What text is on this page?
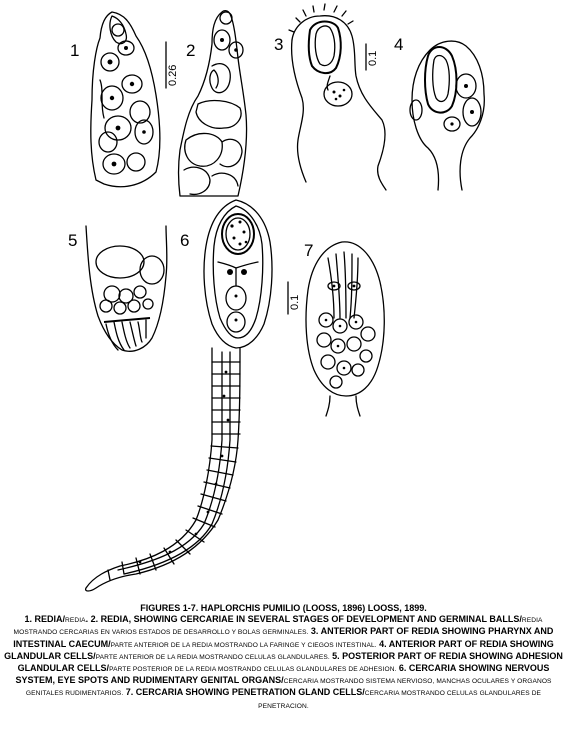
1
0.26
2	3
0.1
4
5	6
7
0.1
FIGURES 1-7. HAPLORCHIS PUMILIO (LOOSS, 1896) LOOSS, 1899.
1. REDIA/REDIA. 2. REDIA, SHOWING CERCARIAE IN SEVERAL STAGES OF DEVELOPMENT AND GERMINAL BALLS/REDIA MOSTRANDO CERCARIAS EN VARIOS ESTADOS DE DESARROLLO Y BOLAS GERMINALES. 3. ANTERIOR PART OF REDIA SHOWING PHARYNX AND INTESTINAL CAECUM/PARTE ANTERIOR DE LA REDIA MOSTRANDO LA FARINGE Y CIEGOS INTESTINAL. 4. ANTERIOR PART OF REDIA SHOWING GLANDULAR CELLS/PARTE ANTERIOR DE LA REDIA MOSTRANDO CELULAS GLANDULARES. 5. POSTERIOR PART OF REDIA SHOWING ADHESION GLANDULAR CELLS/PARTE POSTERIOR DE LA REDIA MOSTRANDO CELULAS GLANDULARES DE ADHESION. 6. CERCARIA SHOWING NERVOUS SYSTEM, EYE SPOTS AND RUDIMENTARY GENITAL ORGANS/CERCARIA MOSTRANDO SISTEMA NERVIOSO, MANCHAS OCULARES Y ORGANOS GENITALES RUDIMENTARIOS. 7. CERCARIA SHOWING PENETRATION GLAND CELLS/CERCARIA MOSTRANDO CELULAS GLANDULARES DE PENETRACION.
